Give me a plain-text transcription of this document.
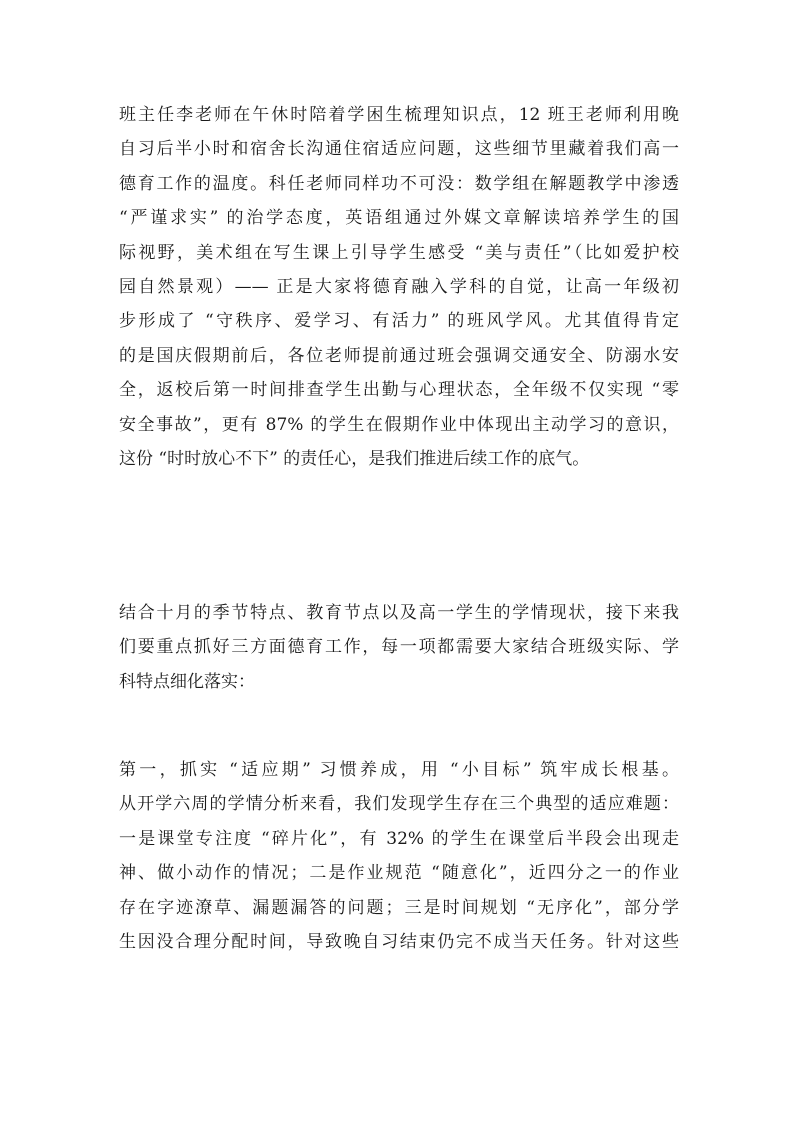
班主任李老师在午休时陪着学困生梳理知识点，12 班王老师利用晚
自习后半小时和宿舍长沟通住宿适应问题，这些细节里藏着我们高一
德育工作的温度。科任老师同样功不可没：数学组在解题教学中渗透
“严谨求实” 的治学态度，英语组通过外媒文章解读培养学生的国
际视野，美术组在写生课上引导学生感受 “美与责任”（比如爱护校
园自然景观）—— 正是大家将德育融入学科的自觉，让高一年级初
步形成了 “守秩序、爱学习、有活力” 的班风学风。尤其值得肯定
的是国庆假期前后，各位老师提前通过班会强调交通安全、防溺水安
全，返校后第一时间排查学生出勤与心理状态，全年级不仅实现 “零
安全事故”，更有 87% 的学生在假期作业中体现出主动学习的意识，
这份 “时时放心不下” 的责任心，是我们推进后续工作的底气。
结合十月的季节特点、教育节点以及高一学生的学情现状，接下来我
们要重点抓好三方面德育工作，每一项都需要大家结合班级实际、学
科特点细化落实：
第一，抓实 “适应期” 习惯养成，用 “小目标” 筑牢成长根基。
从开学六周的学情分析来看，我们发现学生存在三个典型的适应难题：
一是课堂专注度 “碎片化”，有 32% 的学生在课堂后半段会出现走
神、做小动作的情况；二是作业规范 “随意化”，近四分之一的作业
存在字迹潦草、漏题漏答的问题；三是时间规划 “无序化”，部分学
生因没合理分配时间，导致晚自习结束仍完不成当天任务。针对这些
